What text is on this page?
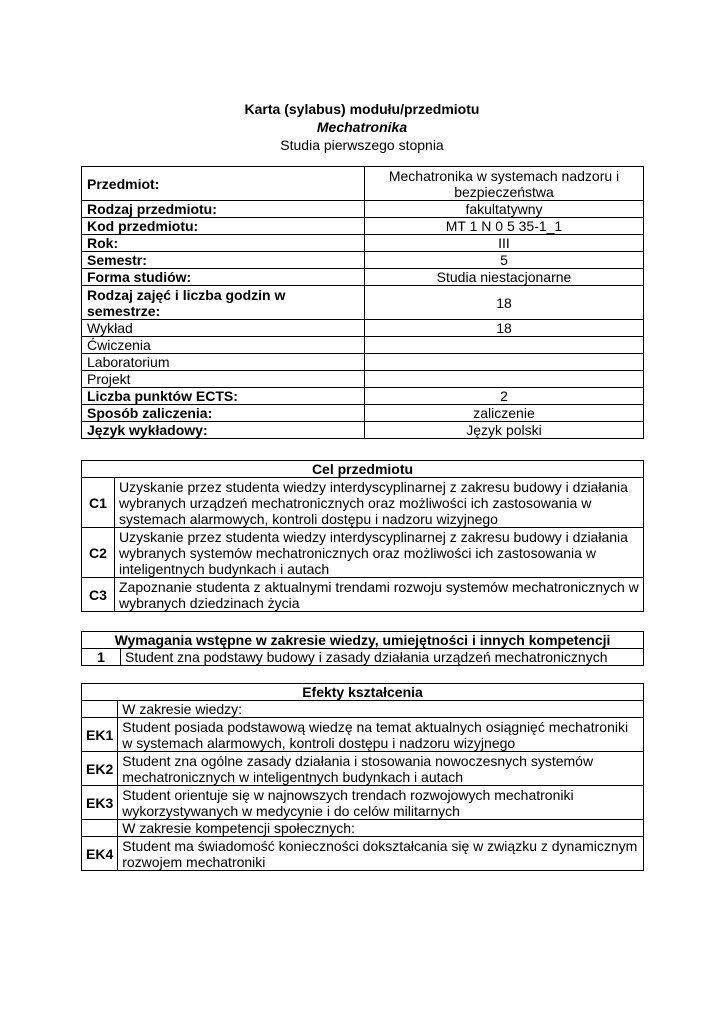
Karta (sylabus) modułu/przedmiotu
Mechatronika
Studia pierwszego stopnia
Przedmiot:	Mechatronika w systemach nadzoru i bezpieczeństwa
Rodzaj przedmiotu:	fakultatywny
Kod przedmiotu:	MT 1 N 0 5 35-1_1
Rok:	III
Semestr:	5
Forma studiów:	Studia niestacjonarne
Rodzaj zajęć i liczba godzin w semestrze:	18
Wykład	18
Ćwiczenia	
Laboratorium	
Projekt	
Liczba punktów ECTS:	2
Sposób zaliczenia:	zaliczenie
Język wykładowy:	Język polski
Cel przedmiotu	
C1	Uzyskanie przez studenta wiedzy interdyscyplinarnej z zakresu budowy i działania wybranych urządzeń mechatronicznych oraz możliwości ich zastosowania w systemach alarmowych, kontroli dostępu i nadzoru wizyjnego
C2	Uzyskanie przez studenta wiedzy interdyscyplinarnej z zakresu budowy i działania wybranych systemów mechatronicznych oraz możliwości ich zastosowania w inteligentnych budynkach i autach
C3	Zapoznanie studenta z aktualnymi trendami rozwoju systemów mechatronicznych w wybranych dziedzinach życia
Wymagania wstępne w zakresie wiedzy, umiejętności i innych kompetencji
1	Student zna podstawy budowy i zasady działania urządzeń mechatronicznych
Efekty kształcenia	
	W zakresie wiedzy:
EK1	Student posiada podstawową wiedzę na temat aktualnych osiągnięć mechatroniki w systemach alarmowych, kontroli dostępu i nadzoru wizyjnego
EK2	Student zna ogólne zasady działania i stosowania nowoczesnych systemów mechatronicznych w inteligentnych budynkach i autach
EK3	Student orientuje się w najnowszych trendach rozwojowych mechatroniki wykorzystywanych w medycynie i do celów militarnych
	W zakresie kompetencji społecznych:
EK4	Student ma świadomość konieczności dokształcania się w związku z dynamicznym rozwojem mechatroniki
